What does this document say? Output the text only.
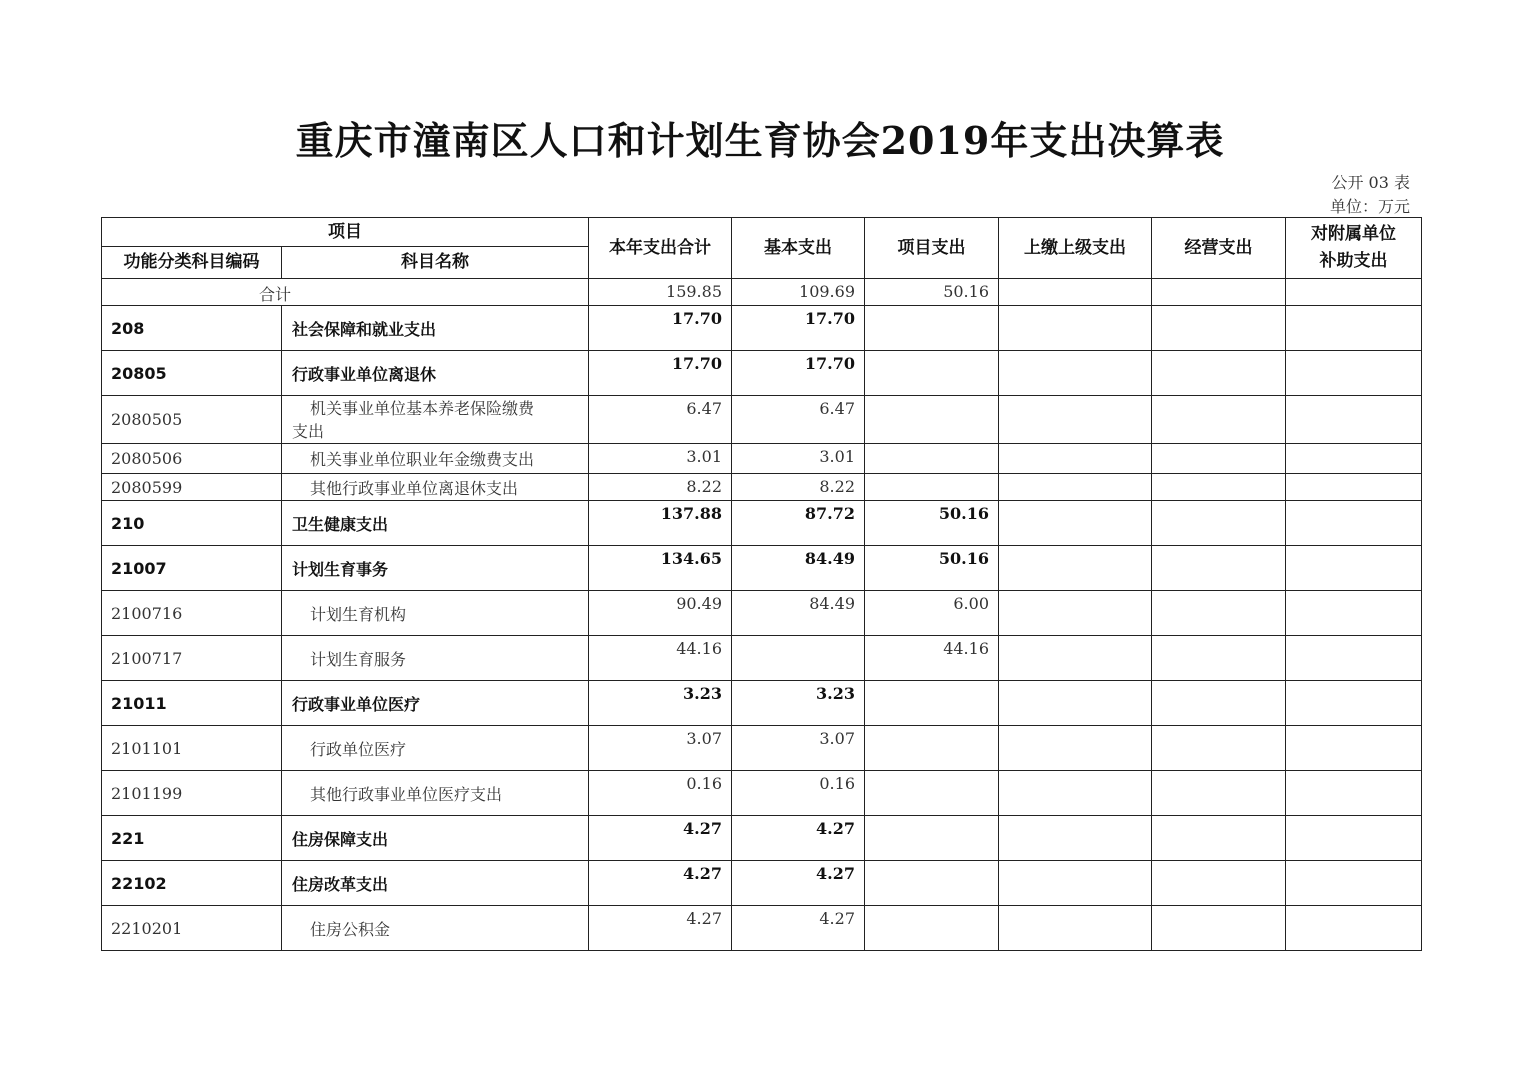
重庆市潼南区人口和计划生育协会2019年支出决算表
公开 03 表
单位：万元
项目		本年支出合计	基本支出	项目支出	上缴上级支出	经营支出	对附属单位
补助支出

功能分类科目编码	科目名称						
合计		159.85	109.69	50.16			
208	社会保障和就业支出	17.70	17.70				
20805	行政事业单位离退休	17.70	17.70				
2080505	机关事业单位基本养老保险缴费
支出	6.47	6.47				
2080506	机关事业单位职业年金缴费支出	3.01	3.01				
2080599	其他行政事业单位离退休支出	8.22	8.22				
210	卫生健康支出	137.88	87.72	50.16			
21007	计划生育事务	134.65	84.49	50.16			
2100716	计划生育机构	90.49	84.49	6.00			
2100717	计划生育服务	44.16		44.16			
21011	行政事业单位医疗	3.23	3.23				
2101101	行政单位医疗	3.07	3.07				
2101199	其他行政事业单位医疗支出	0.16	0.16				
221	住房保障支出	4.27	4.27				
22102	住房改革支出	4.27	4.27				
2210201	住房公积金	4.27	4.27				
